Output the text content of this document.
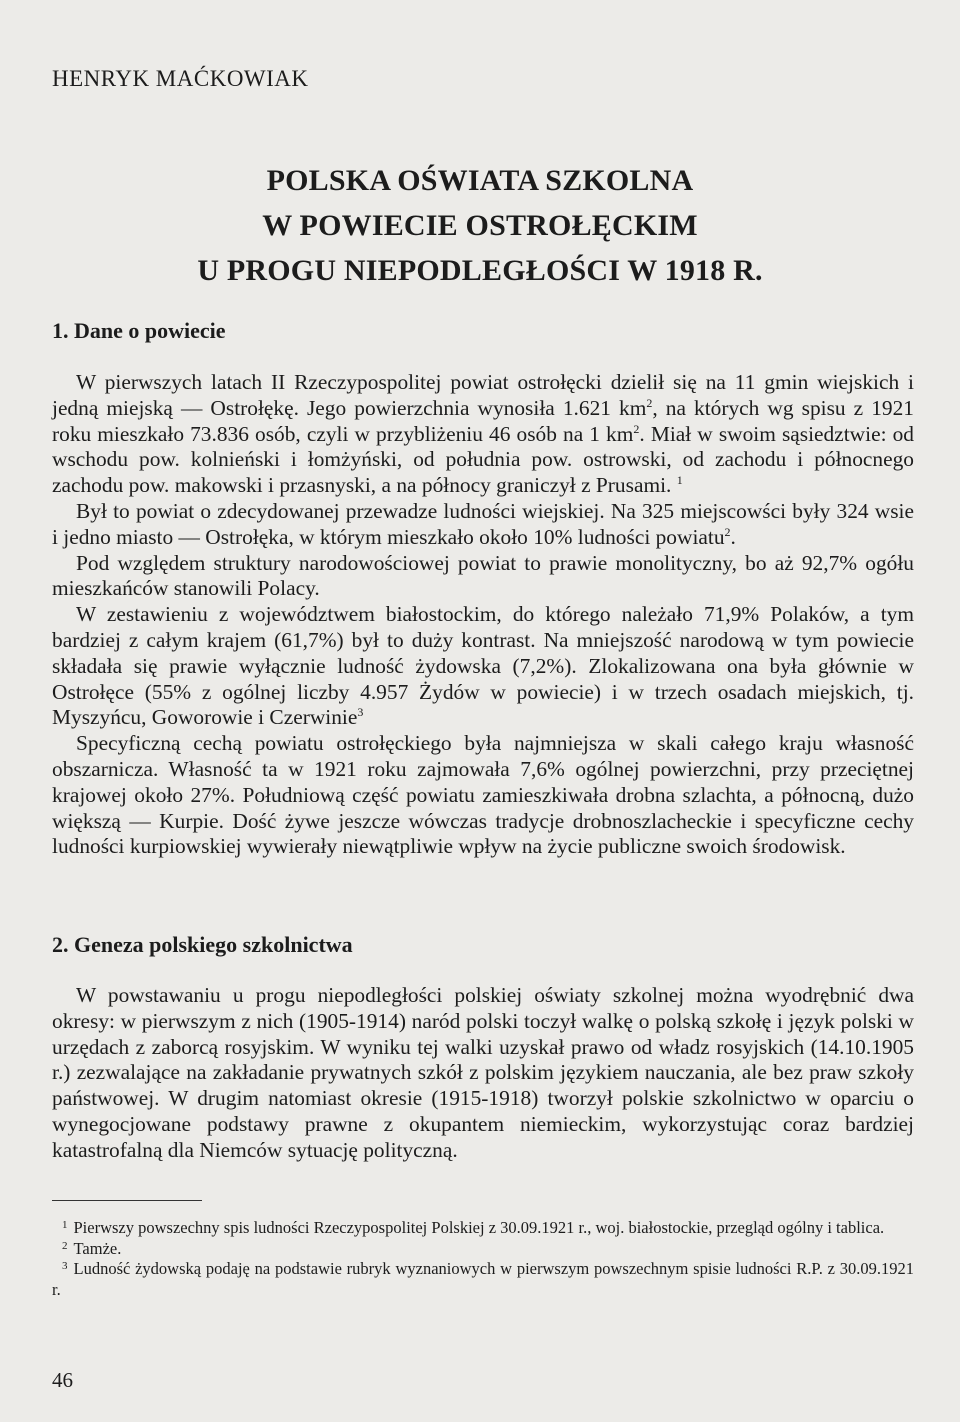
HENRYK MAĆKOWIAK
POLSKA OŚWIATA SZKOLNA
W POWIECIE OSTROŁĘCKIM
U PROGU NIEPODLEGŁOŚCI W 1918 R.
1. Dane o powiecie

W pierwszych latach II Rzeczypospolitej powiat ostrołęcki dzielił się na 11 gmin wiejskich i jedną miejską — Ostrołękę. Jego powierzchnia wynosiła 1.621 $km^2$, na których wg spisu z 1921 roku mieszkało 73.836 osób, czyli w przybliżeniu 46 osób na 1 $km^2$. Miał w swoim sąsiedztwie: od wschodu pow. kolnieński i łomżyński, od południa pow. ostrowski, od zachodu i północnego zachodu pow. makowski i przasnyski, a na północy graniczył z Prusami. $^1$

Był to powiat o zdecydowanej przewadze ludności wiejskiej. Na 325 miejscowści były 324 wsie i jedno miasto — Ostrołęka, w którym mieszkało około 10% ludności powiatu$^2$.

Pod względem struktury narodowościowej powiat to prawie monolityczny, bo aż 92,7% ogółu mieszkańców stanowili Polacy.

W zestawieniu z województwem białostockim, do którego należało 71,9% Polaków, a tym bardziej z całym krajem (61,7%) był to duży kontrast. Na mniejszość narodową w tym powiecie składała się prawie wyłącznie ludność żydowska (7,2%). Zlokalizowana ona była głównie w Ostrołęce (55% z ogólnej liczby 4.957 Żydów w powiecie) i w trzech osadach miejskich, tj. Myszyńcu, Goworowie i Czerwinie$^3$

Specyficzną cechą powiatu ostrołęckiego była najmniejsza w skali całego kraju własność obszarnicza. Własność ta w 1921 roku zajmowała 7,6% ogólnej powierzchni, przy przeciętnej krajowej około 27%. Południową część powiatu zamieszkiwała drobna szlachta, a północną, dużo większą — Kurpie. Dość żywe jeszcze wówczas tradycje drobnoszlacheckie i specyficzne cechy ludności kurpiowskiej wywierały niewątpliwie wpływ na życie publiczne swoich środowisk.

2. Geneza polskiego szkolnictwa

W powstawaniu u progu niepodległości polskiej oświaty szkolnej można wyodrębnić dwa okresy: w pierwszym z nich (1905-1914) naród polski toczył walkę o polską szkołę i język polski w urzędach z zaborcą rosyjskim. W wyniku tej walki uzyskał prawo od władz rosyjskich (14.10.1905 r.) zezwalające na zakładanie prywatnych szkół z polskim językiem nauczania, ale bez praw szkoły państwowej. W drugim natomiast okresie (1915-1918) tworzył polskie szkolnictwo w oparciu o wynegocjowane podstawy prawne z okupantem niemieckim, wykorzystując coraz bardziej katastrofalną dla Niemców sytuację polityczną.

$^1$ Pierwszy powszechny spis ludności Rzeczypospolitej Polskiej z 30.09.1921 r., woj. białostockie, przegląd ogólny i tablica.

$^2$ Tamże.

$^3$ Ludność żydowską podaję na podstawie rubryk wyznaniowych w pierwszym powszechnym spisie ludności R.P. z 30.09.1921 r.

46
